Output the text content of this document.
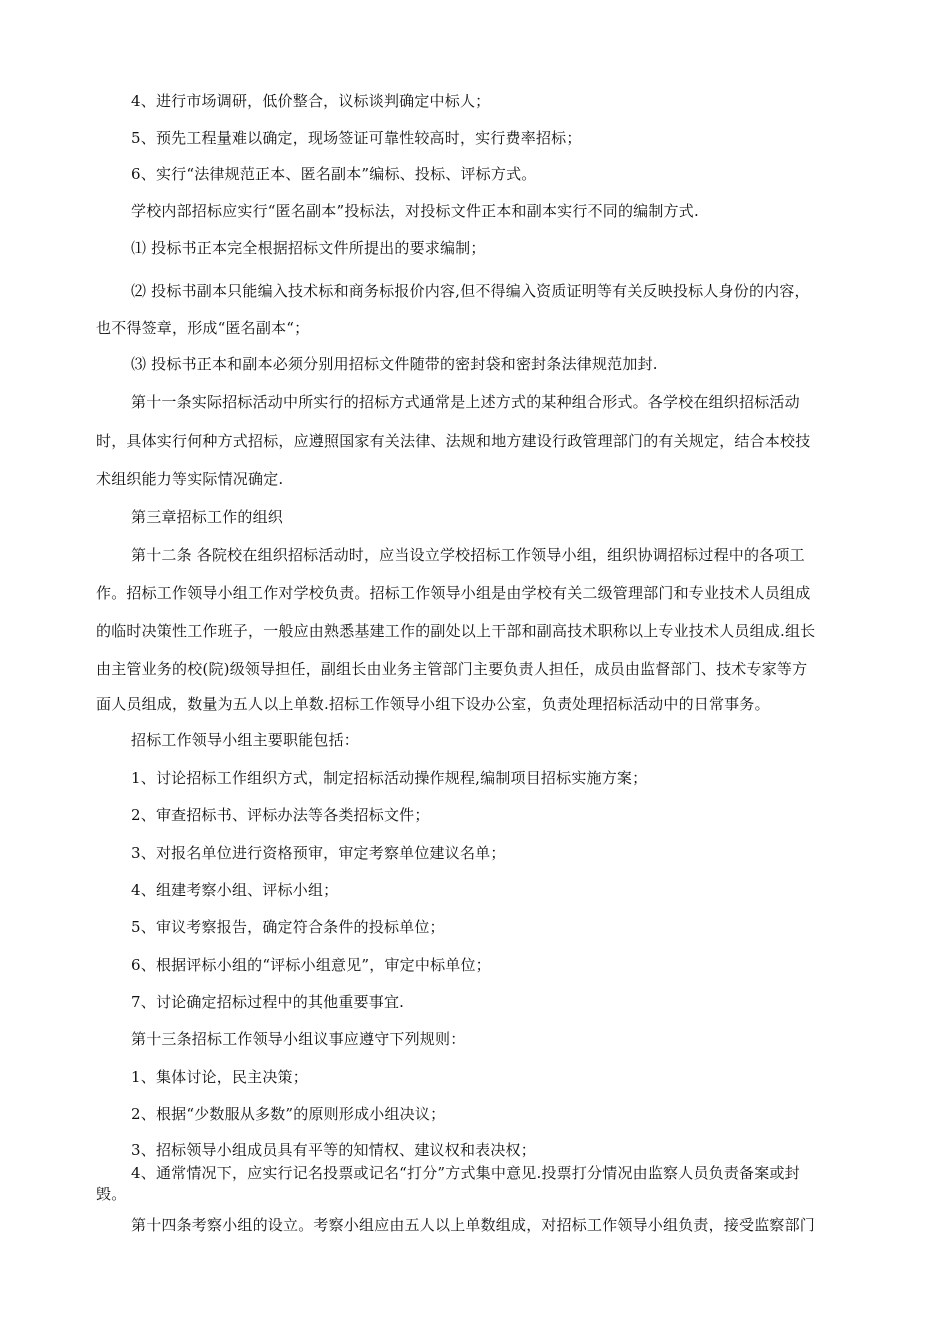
4、进行市场调研，低价整合，议标谈判确定中标人；
5、预先工程量难以确定，现场签证可靠性较高时，实行费率招标；
6、实行“法律规范正本、匿名副本”编标、投标、评标方式。
学校内部招标应实行“匿名副本”投标法，对投标文件正本和副本实行不同的编制方式.
⑴ 投标书正本完全根据招标文件所提出的要求编制；
⑵ 投标书副本只能编入技术标和商务标报价内容,但不得编入资质证明等有关反映投标人身份的内容，
也不得签章，形成“匿名副本“；
⑶ 投标书正本和副本必须分别用招标文件随带的密封袋和密封条法律规范加封.
第十一条实际招标活动中所实行的招标方式通常是上述方式的某种组合形式。各学校在组织招标活动
时，具体实行何种方式招标，应遵照国家有关法律、法规和地方建设行政管理部门的有关规定，结合本校技
术组织能力等实际情况确定.
第三章招标工作的组织
第十二条 各院校在组织招标活动时，应当设立学校招标工作领导小组，组织协调招标过程中的各项工
作。招标工作领导小组工作对学校负责。招标工作领导小组是由学校有关二级管理部门和专业技术人员组成
的临时决策性工作班子，一般应由熟悉基建工作的副处以上干部和副高技术职称以上专业技术人员组成.组长
由主管业务的校(院)级领导担任，副组长由业务主管部门主要负责人担任，成员由监督部门、技术专家等方
面人员组成，数量为五人以上单数.招标工作领导小组下设办公室，负责处理招标活动中的日常事务。
招标工作领导小组主要职能包括：
1、讨论招标工作组织方式，制定招标活动操作规程,编制项目招标实施方案；
2、审查招标书、评标办法等各类招标文件；
3、对报名单位进行资格预审，审定考察单位建议名单；
4、组建考察小组、评标小组；
5、审议考察报告，确定符合条件的投标单位；
6、根据评标小组的“评标小组意见”，审定中标单位；
7、讨论确定招标过程中的其他重要事宜.
第十三条招标工作领导小组议事应遵守下列规则：
1、集体讨论，民主决策；
2、根据“少数服从多数”的原则形成小组决议；
3、招标领导小组成员具有平等的知情权、建议权和表决权；
4、通常情况下，应实行记名投票或记名“打分”方式集中意见.投票打分情况由监察人员负责备案或封
毁。
第十四条考察小组的设立。考察小组应由五人以上单数组成，对招标工作领导小组负责，接受监察部门
